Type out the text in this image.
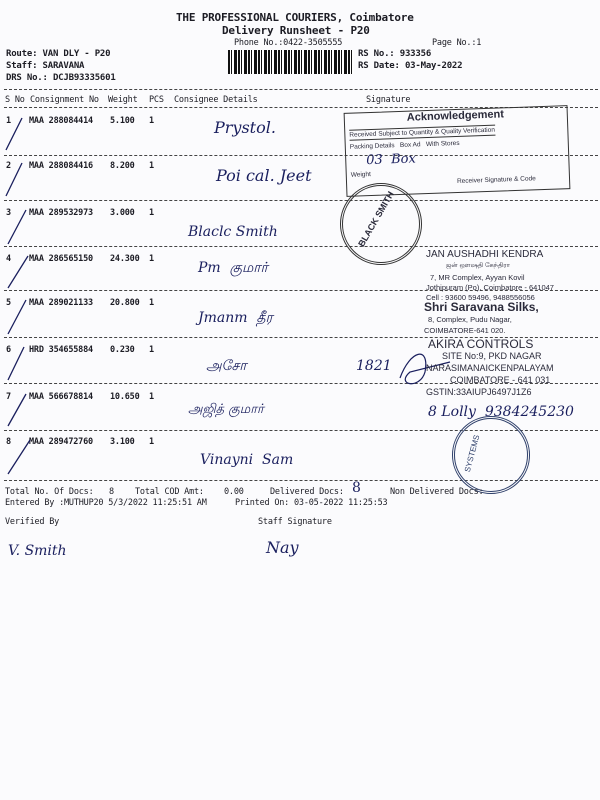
THE PROFESSIONAL COURIERS, Coimbatore
Delivery Runsheet - P20
Phone No.:0422-3505555	Page No.:1
Route: VAN DLY - P20
Staff: SARAVANA
DRS No.: DCJB93335601
RS No.: 933356
RS Date: 03-May-2022
S No Consignment No Weight PCS Consignee Details	Signature
1 MAA 288084414 5.100 1	Prystol.
2 MAA 288084416 8.200 1	Poi cal. Jeet
3 MAA 289532973 3.000 1
Blaclc Smith
4 MAA 286565150 24.300 1
Pm  குமார்
5 MAA 289021133 20.800 1
Jmanm  தீர
6 HRD 354655884 0.230 1
அசோ	1821
7 MAA 566678814 10.650 1
அஜித் குமார்	8 Lolly  9384245230
8 MAA 289472760 3.100 1
Vinayni  Sam
Acknowledgement
Received Subject to Quantity & Quality Verification
Packing Details   Box Ad   With Stores
Weight
Receiver Signature & Code
03  Box
BLACK SMITH
JAN AUSHADHI KENDRA
ஜன் ஔஷதி கேந்திரா
7, MR Complex, Ayyan Kovil
Jothipuram (Po), Coimbatore - 641047
Cell : 93600 59496, 9488556056
Shri Saravana Silks,
8, Complex, Pudu Nagar,
COIMBATORE-641 020.
AKIRA CONTROLS
SITE No:9, PKD NAGAR
NARASIMANAICKENPALAYAM
COIMBATORE - 641 031
GSTIN:33AIUPJ6497J1Z6
SYSTEMS
Total No. Of Docs: 8 Total COD Amt: 0.00	Delivered Docs: 8	Non Delivered Docs:
Entered By :MUTHUP20 5/3/2022 11:25:51 AM	Printed On: 03-05-2022 11:25:53
Verified By	Staff Signature
V. Smith	Nay
